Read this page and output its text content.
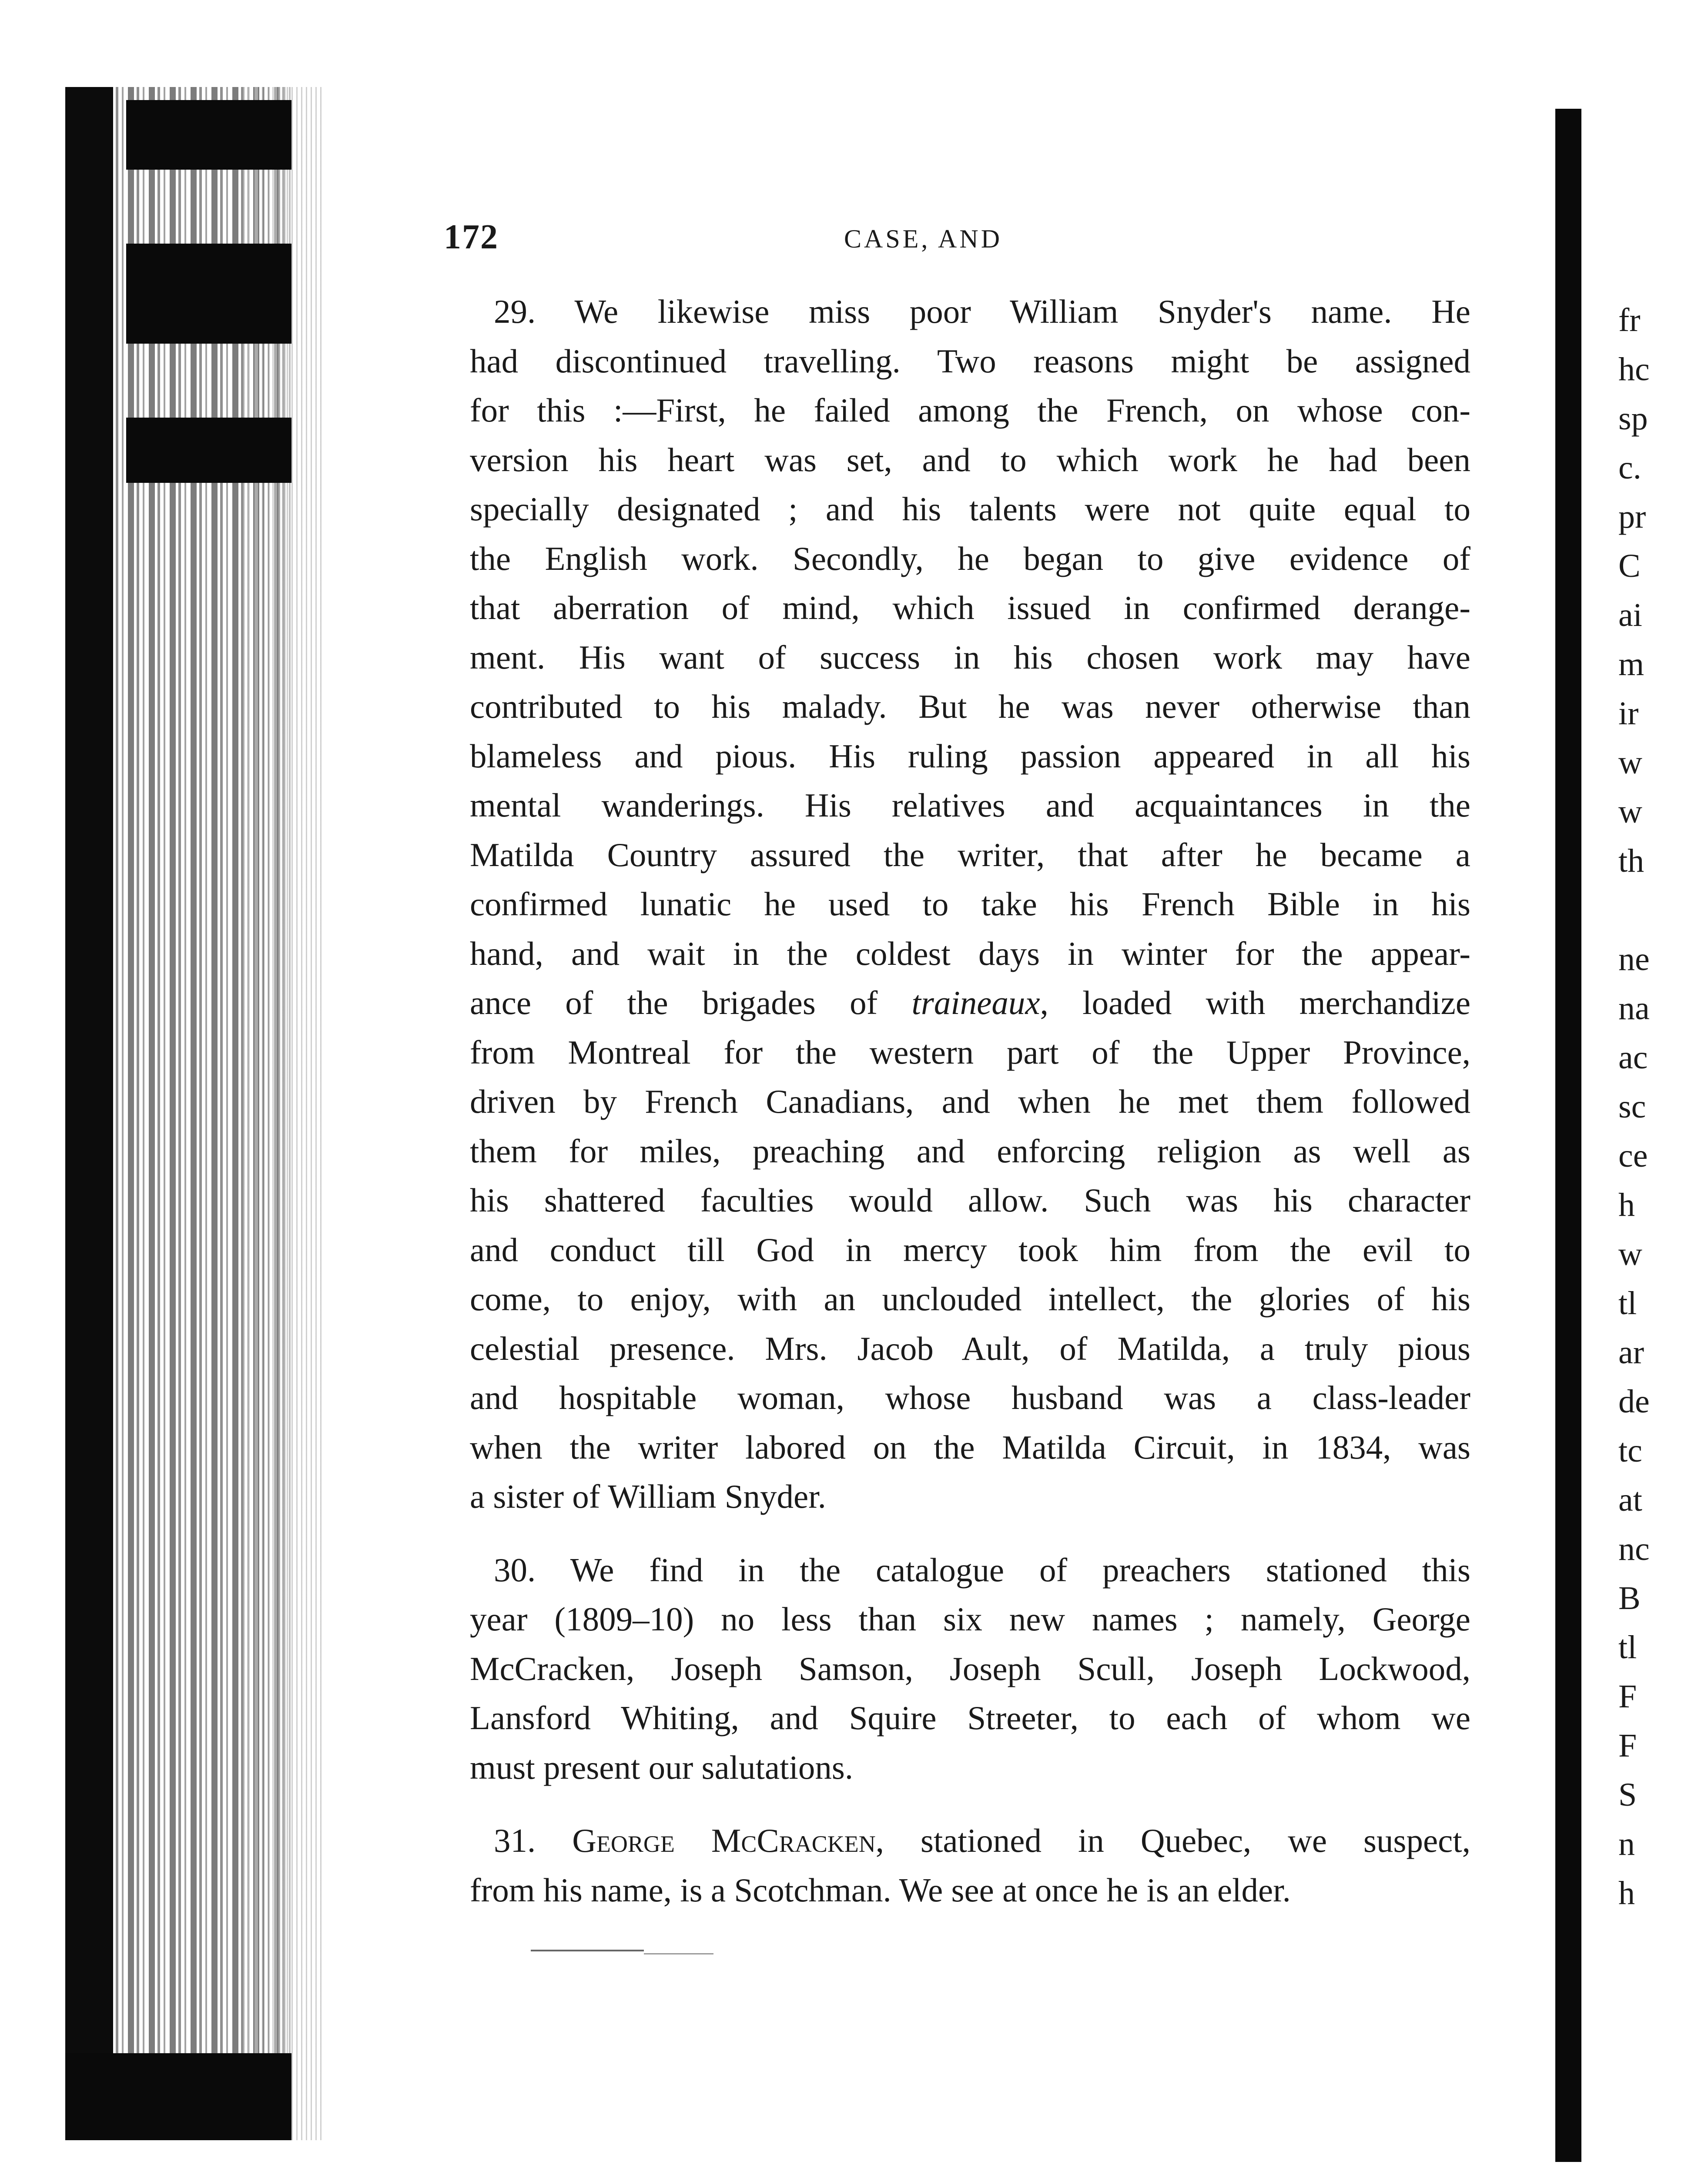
172	CASE, AND
29. We likewise miss poor William Snyder's name. He
had discontinued travelling. Two reasons might be assigned
for this :—First, he failed among the French, on whose con-
version his heart was set, and to which work he had been
specially designated ; and his talents were not quite equal to
the English work. Secondly, he began to give evidence of
that aberration of mind, which issued in confirmed derange-
ment. His want of success in his chosen work may have
contributed to his malady. But he was never otherwise than
blameless and pious. His ruling passion appeared in all his
mental wanderings. His relatives and acquaintances in the
Matilda Country assured the writer, that after he became a
confirmed lunatic he used to take his French Bible in his
hand, and wait in the coldest days in winter for the appear-
ance of the brigades of traineaux, loaded with merchandize
from Montreal for the western part of the Upper Province,
driven by French Canadians, and when he met them followed
them for miles, preaching and enforcing religion as well as
his shattered faculties would allow. Such was his character
and conduct till God in mercy took him from the evil to
come, to enjoy, with an unclouded intellect, the glories of his
celestial presence. Mrs. Jacob Ault, of Matilda, a truly pious
and hospitable woman, whose husband was a class-leader
when the writer labored on the Matilda Circuit, in 1834, was
a sister of William Snyder.
30. We find in the catalogue of preachers stationed this
year (1809–10) no less than six new names ; namely, George
McCracken, Joseph Samson, Joseph Scull, Joseph Lockwood,
Lansford Whiting, and Squire Streeter, to each of whom we
must present our salutations.
31. George McCracken, stationed in Quebec, we suspect,
from his name, is a Scotchman. We see at once he is an elder.
fr
hc
sp
c.
pr
C
ai
m
ir
w
w
th
ne
na
ac
sc
ce
h
w
tl
ar
de
tc
at
nc
B
tl
F
F
S
n
h
